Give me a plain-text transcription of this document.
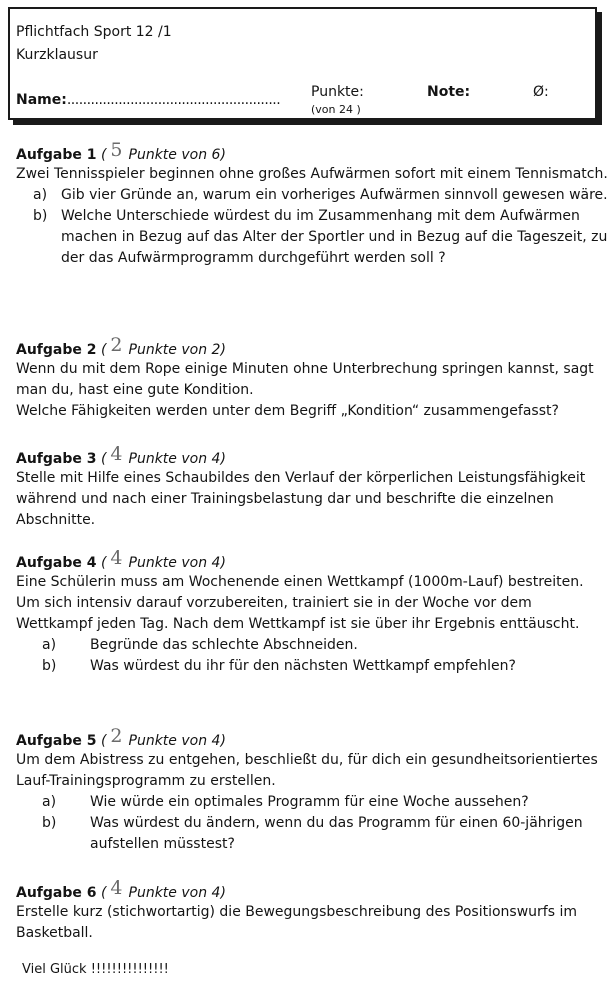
Pflichtfach Sport 12 /1
Kurzklausur
Name:...................................................... Punkte:
(von 24 )
Note:	Ø:
Aufgabe 1 ( 5 Punkte von 6)

Zwei Tennisspieler beginnen ohne großes Aufwärmen sofort mit einem Tennismatch.

a) Gib vier Gründe an, warum ein vorheriges Aufwärmen sinnvoll gewesen wäre.
b) Welche Unterschiede würdest du im Zusammenhang mit dem Aufwärmen machen in Bezug auf das Alter der Sportler und in Bezug auf die Tageszeit, zu der das Aufwärmprogramm durchgeführt werden soll ?
Aufgabe 2 ( 2 Punkte von 2)

Wenn du mit dem Rope einige Minuten ohne Unterbrechung springen kannst, sagt man du, hast eine gute Kondition.

Welche Fähigkeiten werden unter dem Begriff „Kondition“ zusammengefasst?

Aufgabe 3 ( 4 Punkte von 4)

Stelle mit Hilfe eines Schaubildes den Verlauf der körperlichen Leistungsfähigkeit während und nach einer Trainingsbelastung dar und beschrifte die einzelnen Abschnitte.

Aufgabe 4 ( 4 Punkte von 4)

Eine Schülerin muss am Wochenende einen Wettkampf (1000m-Lauf) bestreiten. Um sich intensiv darauf vorzubereiten, trainiert sie in der Woche vor dem Wettkampf jeden Tag. Nach dem Wettkampf ist sie über ihr Ergebnis enttäuscht.

a)	Begründe das schlechte Abschneiden.
b)	Was würdest du ihr für den nächsten Wettkampf empfehlen?
Aufgabe 5 ( 2 Punkte von 4)

Um dem Abistress zu entgehen, beschließt du, für dich ein gesundheitsorientiertes Lauf-Trainingsprogramm zu erstellen.

a)	Wie würde ein optimales Programm für eine Woche aussehen?
b)	Was würdest du ändern, wenn du das Programm für einen 60-jährigen aufstellen müsstest?
Aufgabe 6 ( 4 Punkte von 4)

Erstelle kurz (stichwortartig) die Bewegungsbeschreibung des Positionswurfs im Basketball.

Viel Glück !!!!!!!!!!!!!!!
